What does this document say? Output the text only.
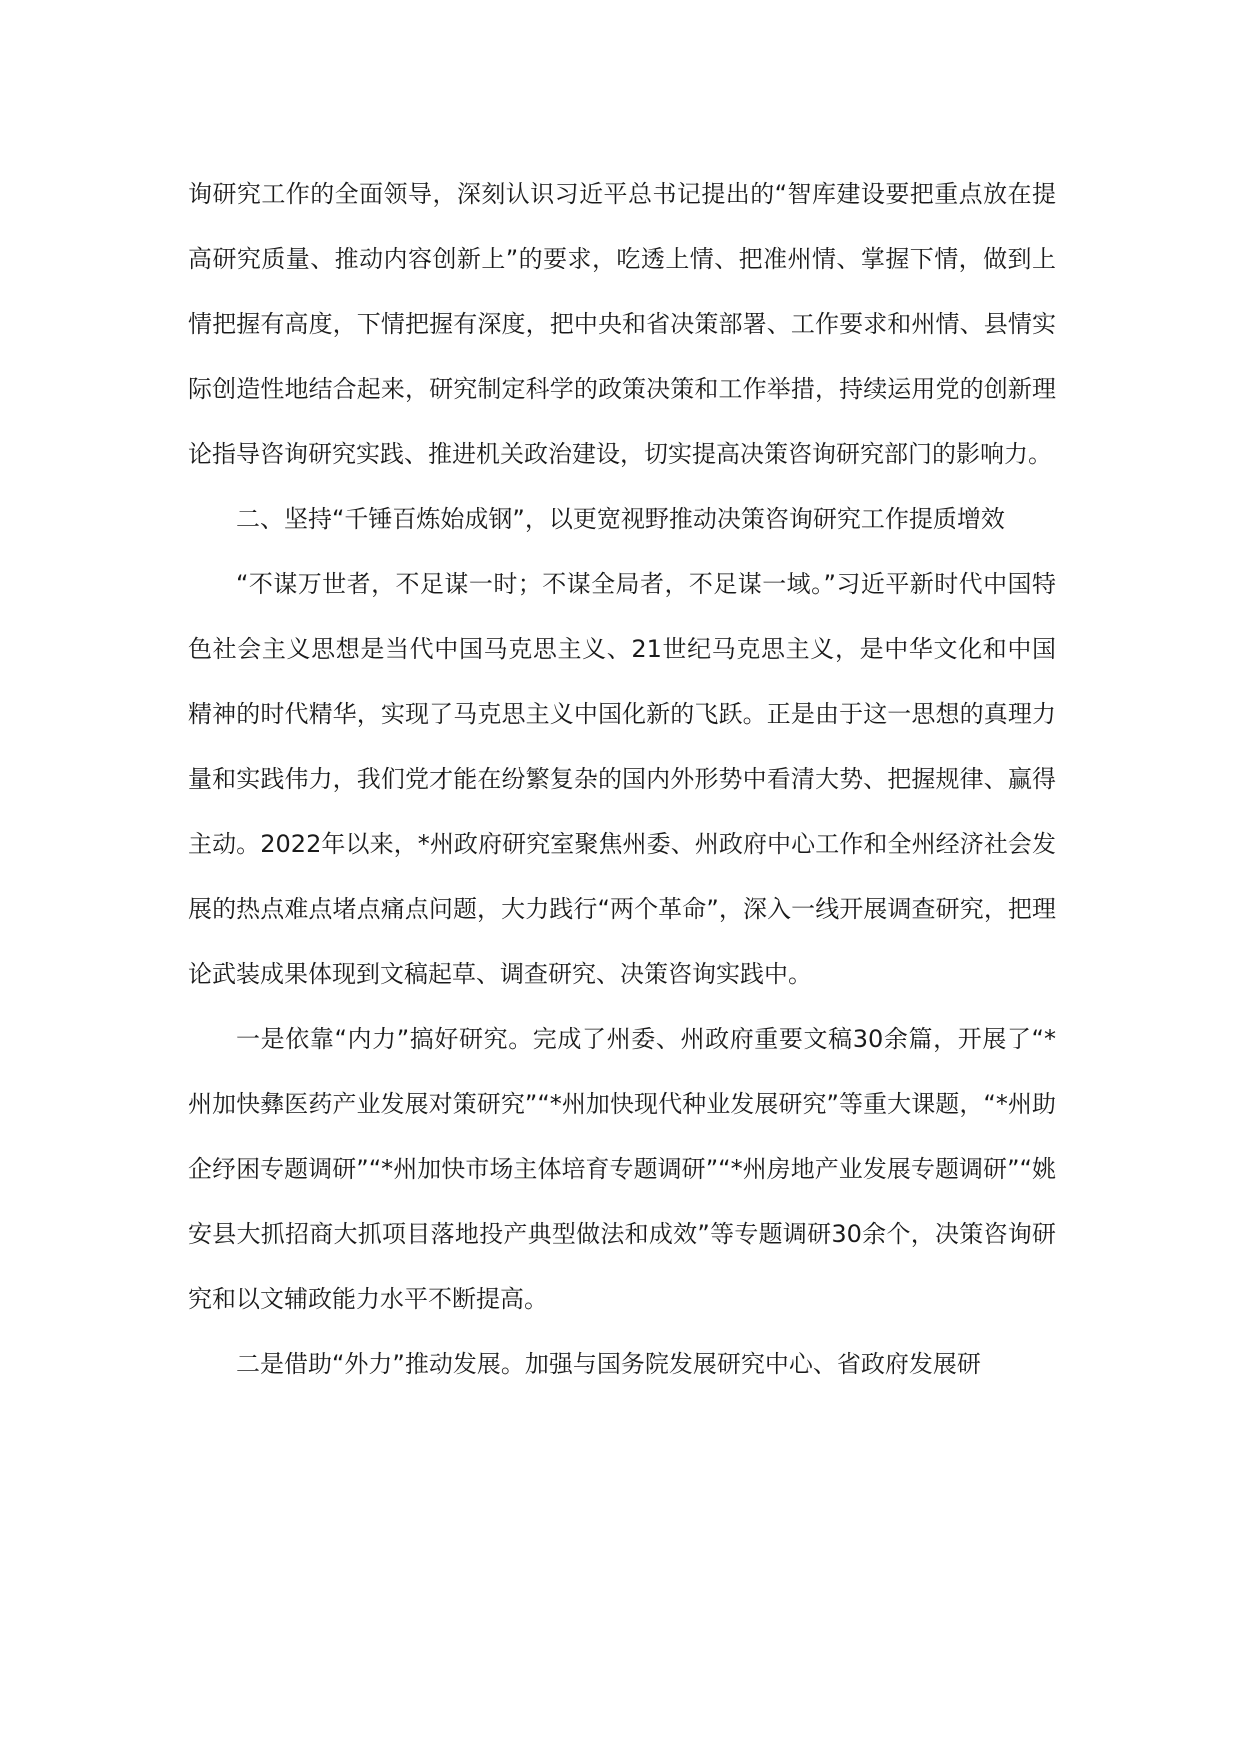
询研究工作的全面领导，深刻认识习近平总书记提出的“智库建设要把重点放在提高研究质量、推动内容创新上”的要求，吃透上情、把准州情、掌握下情，做到上情把握有高度，下情把握有深度，把中央和省决策部署、工作要求和州情、县情实际创造性地结合起来，研究制定科学的政策决策和工作举措，持续运用党的创新理论指导咨询研究实践、推进机关政治建设，切实提高决策咨询研究部门的影响力。

二、坚持“千锤百炼始成钢”，以更宽视野推动决策咨询研究工作提质增效

“不谋万世者，不足谋一时；不谋全局者，不足谋一域。”习近平新时代中国特色社会主义思想是当代中国马克思主义、21世纪马克思主义，是中华文化和中国精神的时代精华，实现了马克思主义中国化新的飞跃。正是由于这一思想的真理力量和实践伟力，我们党才能在纷繁复杂的国内外形势中看清大势、把握规律、赢得主动。2022年以来，*州政府研究室聚焦州委、州政府中心工作和全州经济社会发展的热点难点堵点痛点问题，大力践行“两个革命”，深入一线开展调查研究，把理论武装成果体现到文稿起草、调查研究、决策咨询实践中。

一是依靠“内力”搞好研究。完成了州委、州政府重要文稿30余篇，开展了“*州加快彝医药产业发展对策研究”“*州加快现代种业发展研究”等重大课题，“*州助企纾困专题调研”“*州加快市场主体培育专题调研”“*州房地产业发展专题调研”“姚安县大抓招商大抓项目落地投产典型做法和成效”等专题调研30余个，决策咨询研究和以文辅政能力水平不断提高。

二是借助“外力”推动发展。加强与国务院发展研究中心、省政府发展研
